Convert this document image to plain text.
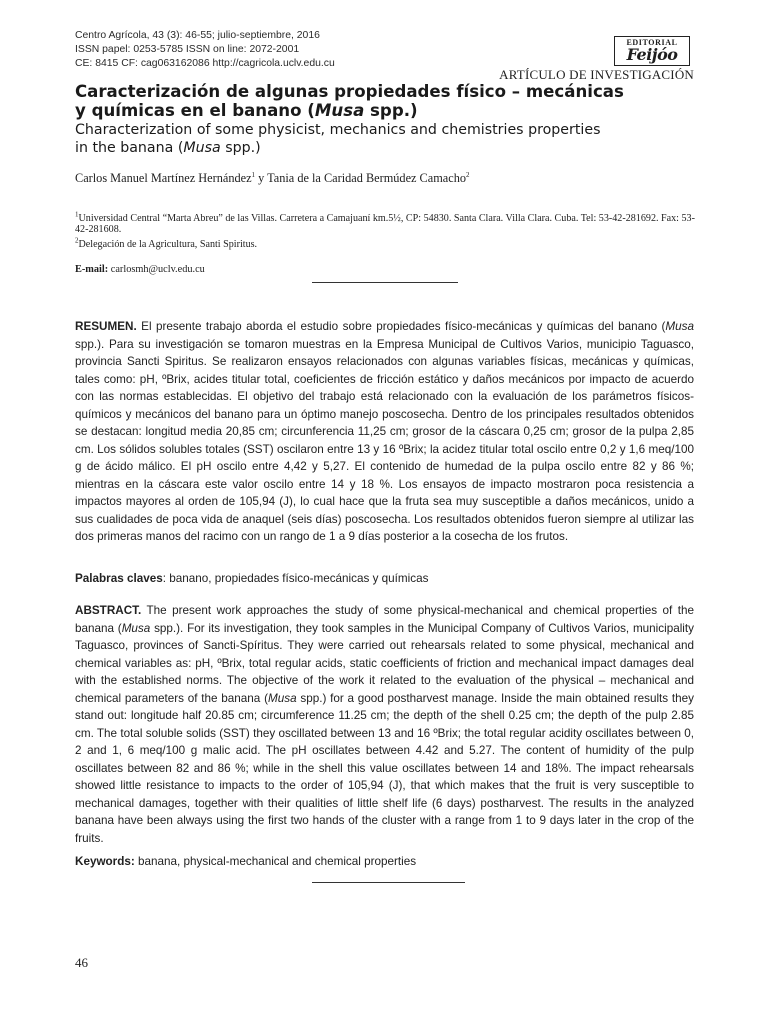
Centro Agrícola, 43 (3): 46-55; julio-septiembre, 2016
ISSN papel: 0253-5785 ISSN on line: 2072-2001
CE: 8415 CF: cag063162086 http://cagricola.uclv.edu.cu
EDITORIAL
Feijóo
ARTÍCULO DE INVESTIGACIÓN
Caracterización de algunas propiedades físico – mecánicas
y químicas en el banano (Musa spp.)
Characterization of some physicist, mechanics and chemistries properties
in the banana (Musa spp.)
Carlos Manuel Martínez Hernández$^1$ y Tania de la Caridad Bermúdez Camacho$^2$
$^1$Universidad Central “Marta Abreu” de las Villas. Carretera a Camajuaní km.5½, CP: 54830. Santa Clara. Villa Clara. Cuba. Tel: 53-42-281692. Fax: 53-42-281608.
$^2$Delegación de la Agricultura, Santi Spiritus.
E-mail: carlosmh@uclv.edu.cu
RESUMEN. El presente trabajo aborda el estudio sobre propiedades físico-mecánicas y químicas del banano (Musa spp.). Para su investigación se tomaron muestras en la Empresa Municipal de Cultivos Varios, municipio Taguasco, provincia Sancti Spiritus. Se realizaron ensayos relacionados con algunas variables físicas, mecánicas y químicas, tales como: pH, ºBrix, acides titular total, coeficientes de fricción estático y daños mecánicos por impacto de acuerdo con las normas establecidas. El objetivo del trabajo está relacionado con la evaluación de los parámetros físicos- químicos y mecánicos del banano para un óptimo manejo poscosecha. Dentro de los principales resultados obtenidos se destacan: longitud media 20,85 cm; circunferencia 11,25 cm; grosor de la cáscara 0,25 cm; grosor de la pulpa 2,85 cm. Los sólidos solubles totales (SST) oscilaron entre 13 y 16 ºBrix; la acidez titular total oscilo entre 0,2 y 1,6 meq/100 g de ácido málico. El pH oscilo entre 4,42 y 5,27. El contenido de humedad de la pulpa oscilo entre 82 y 86 %; mientras en la cáscara este valor oscilo entre 14 y 18 %. Los ensayos de impacto mostraron poca resistencia a impactos mayores al orden de 105,94 (J), lo cual hace que la fruta sea muy susceptible a daños mecánicos, unido a sus cualidades de poca vida de anaquel (seis días) poscosecha. Los resultados obtenidos fueron siempre al utilizar las dos primeras manos del racimo con un rango de 1 a 9 días posterior a la cosecha de los frutos.
Palabras claves: banano, propiedades físico-mecánicas y químicas
ABSTRACT. The present work approaches the study of some physical-mechanical and chemical properties of the banana (Musa spp.). For its investigation, they took samples in the Municipal Company of Cultivos Varios, municipality Taguasco, provinces of Sancti-Spíritus. They were carried out rehearsals related to some physical, mechanical and chemical variables as: pH, ºBrix, total regular acids, static coefficients of friction and mechanical impact damages deal with the established norms. The objective of the work it related to the evaluation of the physical – mechanical and chemical parameters of the banana (Musa spp.) for a good postharvest manage. Inside the main obtained results they stand out: longitude half 20.85 cm; circumference 11.25 cm; the depth of the shell 0.25 cm; the depth of the pulp 2.85 cm. The total soluble solids (SST) they oscillated between 13 and 16 ºBrix; the total regular acidity oscillates between 0, 2 and 1, 6 meq/100 g malic acid. The pH oscillates between 4.42 and 5.27. The content of humidity of the pulp oscillates between 82 and 86 %; while in the shell this value oscillates between 14 and 18%. The impact rehearsals showed little resistance to impacts to the order of 105,94 (J), that which makes that the fruit is very susceptible to mechanical damages, together with their qualities of little shelf life (6 days) postharvest. The results in the analyzed banana have been always using the first two hands of the cluster with a range from 1 to 9 days later in the crop of the fruits.
Keywords: banana, physical-mechanical and chemical properties
46
